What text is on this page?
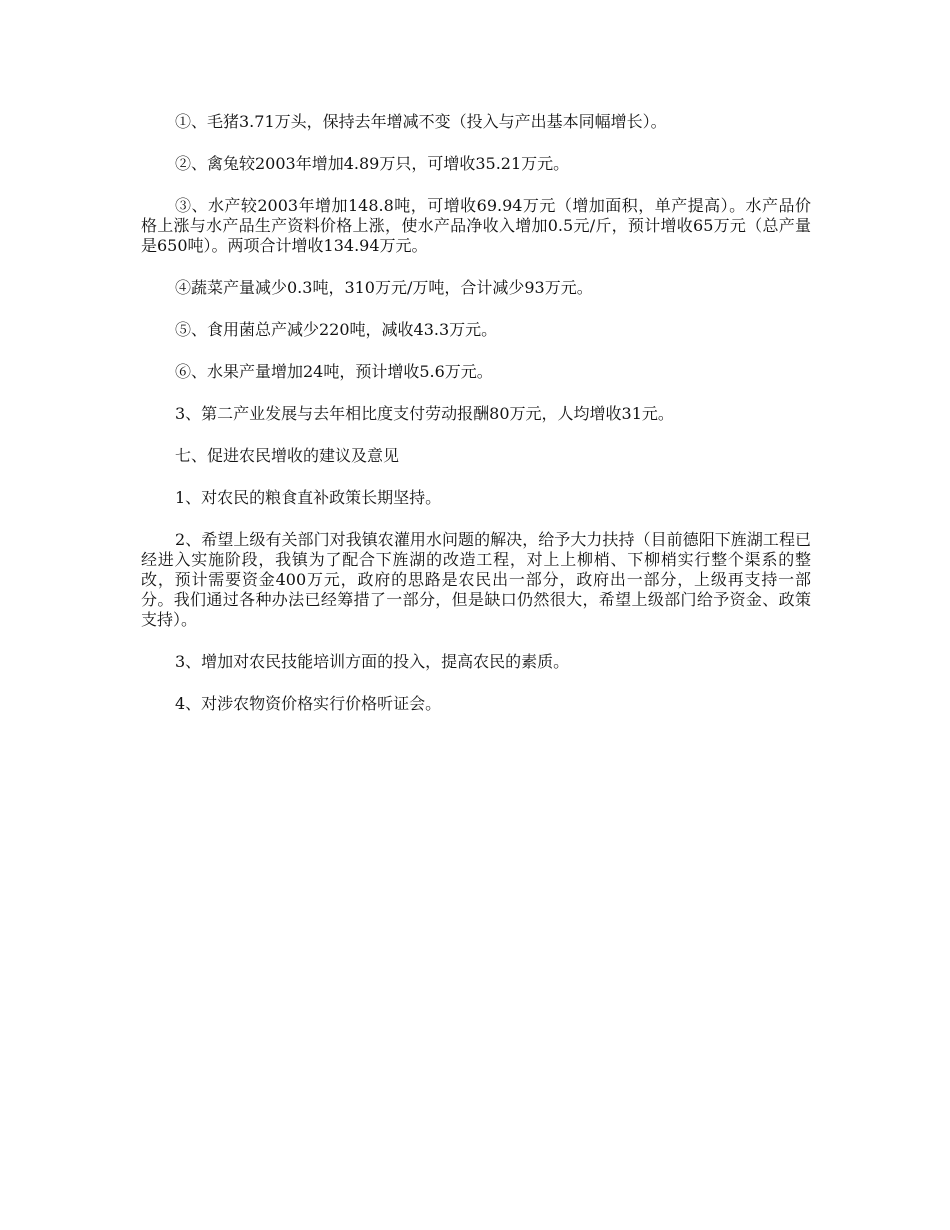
①、毛猪3.71万头，保持去年增减不变（投入与产出基本同幅增长）。

②、禽兔较2003年增加4.89万只，可增收35.21万元。

③、水产较2003年增加148.8吨，可增收69.94万元（增加面积，单产提高）。水产品价格上涨与水产品生产资料价格上涨，使水产品净收入增加0.5元/斤，预计增收65万元（总产量是650吨）。两项合计增收134.94万元。

④蔬菜产量减少0.3吨，310万元/万吨，合计减少93万元。

⑤、食用菌总产减少220吨，减收43.3万元。

⑥、水果产量增加24吨，预计增收5.6万元。

3、第二产业发展与去年相比度支付劳动报酬80万元，人均增收31元。

七、促进农民增收的建议及意见

1、对农民的粮食直补政策长期坚持。

2、希望上级有关部门对我镇农灌用水问题的解决，给予大力扶持（目前德阳下旌湖工程已经进入实施阶段，我镇为了配合下旌湖的改造工程，对上上柳梢、下柳梢实行整个渠系的整改，预计需要资金400万元，政府的思路是农民出一部分，政府出一部分，上级再支持一部分。我们通过各种办法已经筹措了一部分，但是缺口仍然很大，希望上级部门给予资金、政策支持）。

3、增加对农民技能培训方面的投入，提高农民的素质。

4、对涉农物资价格实行价格听证会。
